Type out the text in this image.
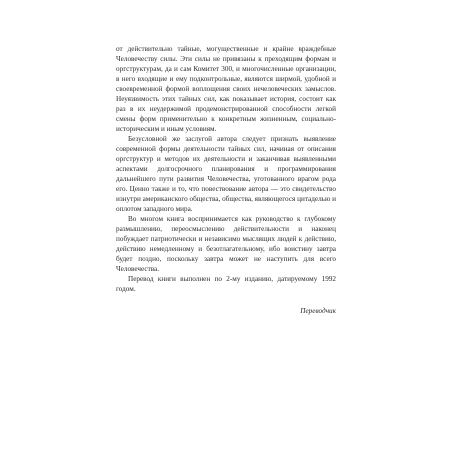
от действительно тайные, могущественные и крайне враждебные Человечеству силы. Эти силы не привязаны к преходящим формам и оргструктурам, да и сам Комитет 300, и многочисленные организации, в него входящие и ему подконтрольные, являются ширмой, удобной и своевременной формой воплощения своих нечеловеческих замыслов. Неуязвимость этих тайных сил, как показывает история, состоит как раз в их неудержимой продемонстрированной способности легкой смены форм применительно к конкретным жизненным, социально-историческим и иным условиям.

Безусловной же заслугой автора следует признать выявление современной формы деятельности тайных сил, начиная от описания оргструктур и методов их деятельности и заканчивая выявленными аспектами долгосрочного планирования и программирования дальнейшего пути развития Человечества, уготованного врагом рода его. Ценно также и то, что повествование автора — это свидетельство изнутри американского общества, общества, являющегося цитаделью и оплотом западного мира.

Во многом книга воспринимается как руководство к глубокому размышлению, переосмыслению действительности и наконец побуждает патриотически и независимо мыслящих людей к действию, действию немедленному и безотлагательному, ибо воистину завтра будет поздно, поскольку завтра может не наступить для всего Человечества.

Перевод книги выполнен по 2-му изданию, датируемому 1992 годом.

Переводчик
